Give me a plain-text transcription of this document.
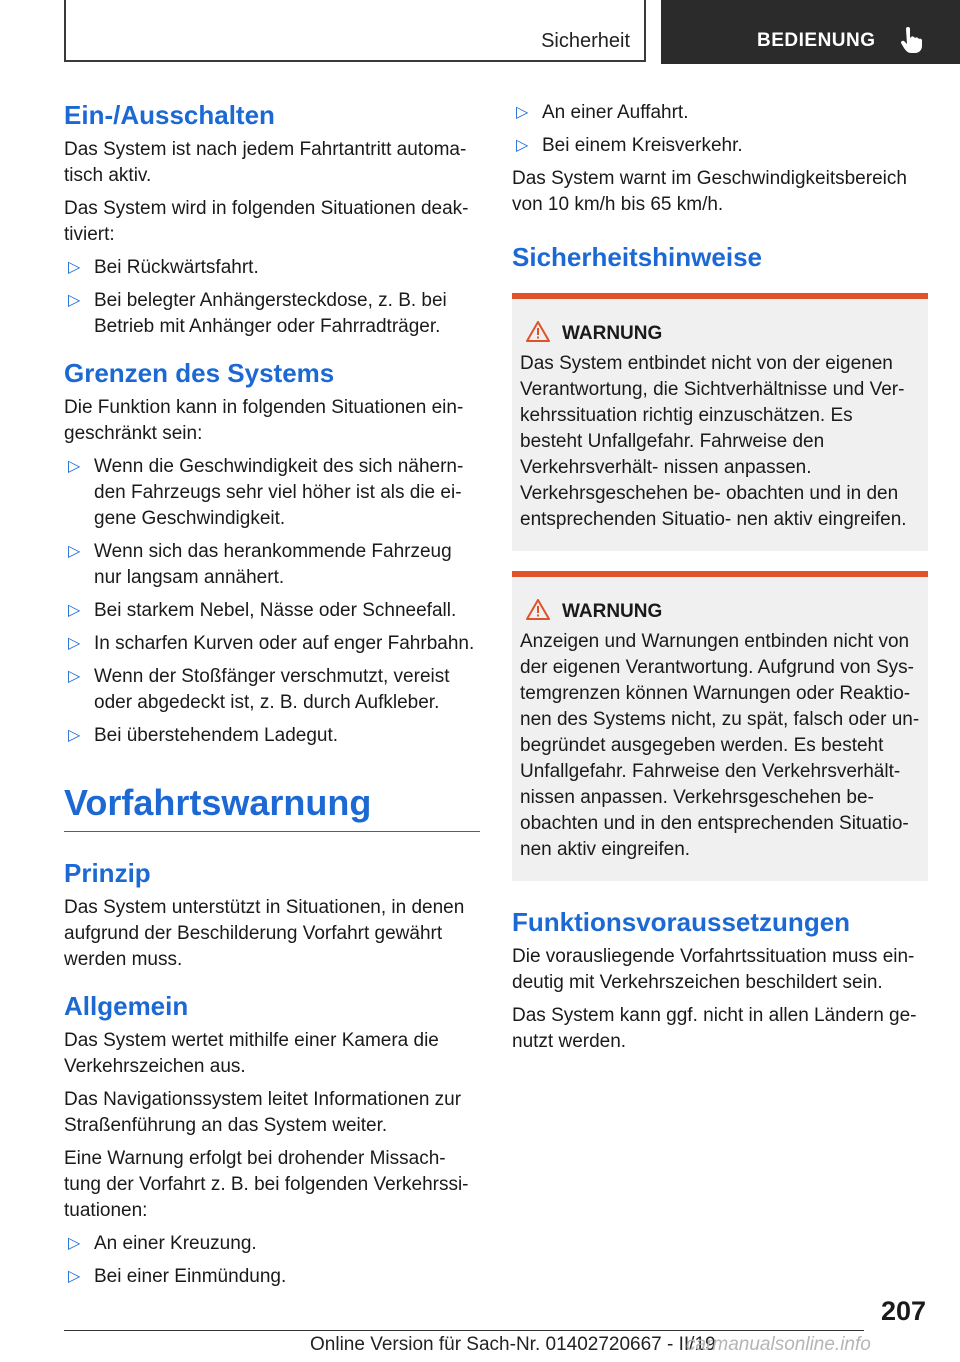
Sicherheit	BEDIENUNG
Ein-/Ausschalten

Das System ist nach jedem Fahrtantritt automa- tisch aktiv.

Das System wird in folgenden Situationen deak- tiviert:

▷ Bei Rückwärtsfahrt.
▷ Bei belegter Anhängersteckdose, z. B. bei Betrieb mit Anhänger oder Fahrradträger.
Grenzen des Systems

Die Funktion kann in folgenden Situationen ein- geschränkt sein:

▷ Wenn die Geschwindigkeit des sich nähern- den Fahrzeugs sehr viel höher ist als die ei- gene Geschwindigkeit.
▷ Wenn sich das herankommende Fahrzeug nur langsam annähert.
▷ Bei starkem Nebel, Nässe oder Schneefall.
▷ In scharfen Kurven oder auf enger Fahrbahn.
▷ Wenn der Stoßfänger verschmutzt, vereist oder abgedeckt ist, z. B. durch Aufkleber.
▷ Bei überstehendem Ladegut.
Vorfahrtswarnung
Prinzip

Das System unterstützt in Situationen, in denen aufgrund der Beschilderung Vorfahrt gewährt werden muss.

Allgemein

Das System wertet mithilfe einer Kamera die Verkehrszeichen aus.

Das Navigationssystem leitet Informationen zur Straßenführung an das System weiter.

Eine Warnung erfolgt bei drohender Missach- tung der Vorfahrt z. B. bei folgenden Verkehrssi- tuationen:

▷ An einer Kreuzung.
▷ Bei einer Einmündung.
▷ An einer Auffahrt.
▷ Bei einem Kreisverkehr.

Das System warnt im Geschwindigkeitsbereich von 10 km/h bis 65 km/h.

Sicherheitshinweise
WARNUNG

Das System entbindet nicht von der eigenen Verantwortung, die Sichtverhältnisse und Ver- kehrssituation richtig einzuschätzen. Es besteht Unfallgefahr. Fahrweise den Verkehrsverhält- nissen anpassen. Verkehrsgeschehen be- obachten und in den entsprechenden Situatio- nen aktiv eingreifen.

WARNUNG

Anzeigen und Warnungen entbinden nicht von der eigenen Verantwortung. Aufgrund von Sys- temgrenzen können Warnungen oder Reaktio- nen des Systems nicht, zu spät, falsch oder un- begründet ausgegeben werden. Es besteht Unfallgefahr. Fahrweise den Verkehrsverhält- nissen anpassen. Verkehrsgeschehen be- obachten und in den entsprechenden Situatio- nen aktiv eingreifen.

Funktionsvoraussetzungen

Die vorausliegende Vorfahrtssituation muss ein- deutig mit Verkehrszeichen beschildert sein.

Das System kann ggf. nicht in allen Ländern ge- nutzt werden.

207
Online Version für Sach-Nr. 01402720667 - II/19
carmanualsonline.info
